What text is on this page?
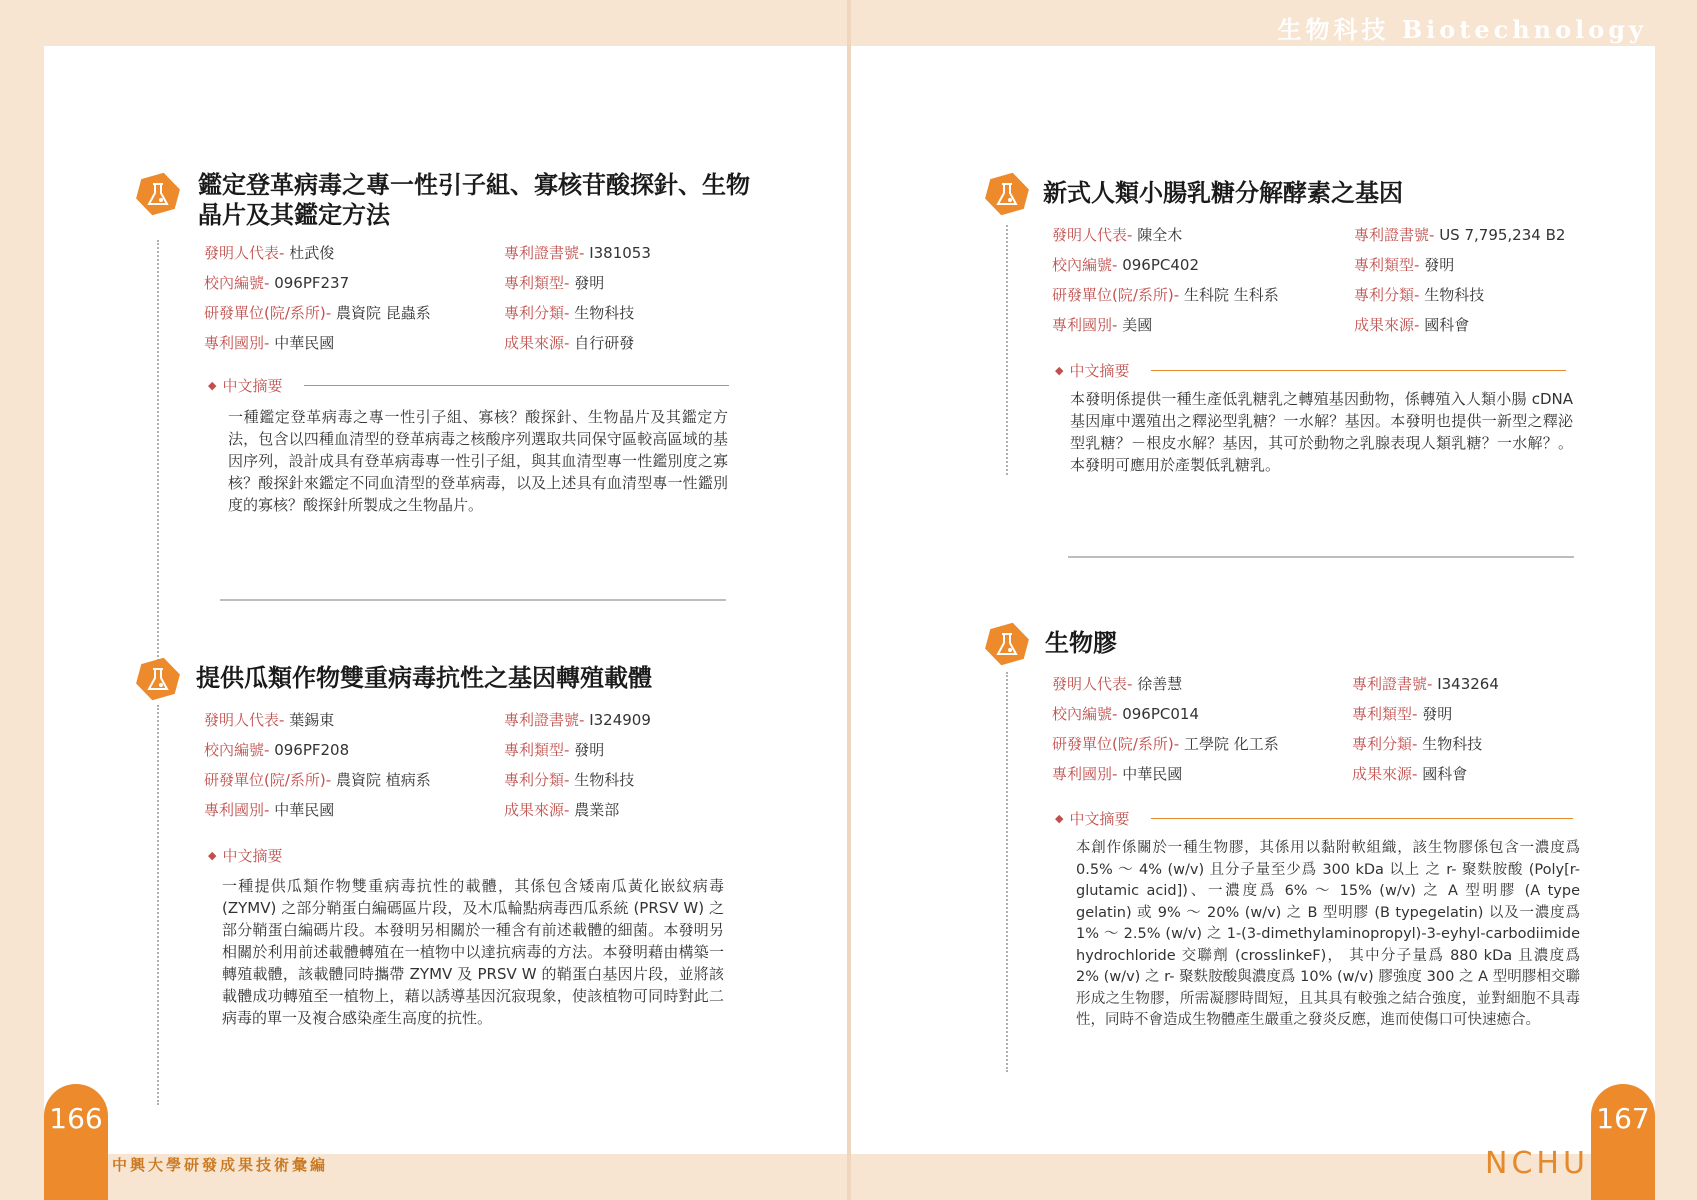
生物科技 Biotechnology
鑑定登革病毒之專一性引子組、寡核苷酸探針、生物晶片及其鑑定方法
發明人代表- 杜武俊	專利證書號- I381053
校內編號- 096PF237	專利類型- 發明
研發單位(院/系所)- 農資院 昆蟲系	專利分類- 生物科技
專利國別- 中華民國	成果來源- 自行研發
◆ 中文摘要

一種鑑定登革病毒之專一性引子組、寡核？酸探針、生物晶片及其鑑定方法，包含以四種血清型的登革病毒之核酸序列選取共同保守區較高區域的基因序列，設計成具有登革病毒專一性引子組，與其血清型專一性鑑別度之寡核？酸探針來鑑定不同血清型的登革病毒，以及上述具有血清型專一性鑑別度的寡核？酸探針所製成之生物晶片。

提供瓜類作物雙重病毒抗性之基因轉殖載體
發明人代表- 葉錫東	專利證書號- I324909
校內編號- 096PF208	專利類型- 發明
研發單位(院/系所)- 農資院 植病系	專利分類- 生物科技
專利國別- 中華民國	成果來源- 農業部
◆ 中文摘要

一種提供瓜類作物雙重病毒抗性的載體，其係包含矮南瓜黃化嵌紋病毒 (ZYMV) 之部分鞘蛋白編碼區片段，及木瓜輪點病毒西瓜系統 (PRSV W) 之部分鞘蛋白編碼片段。本發明另相關於一種含有前述載體的細菌。本發明另相關於利用前述載體轉殖在一植物中以達抗病毒的方法。本發明藉由構築一轉殖載體，該載體同時攜帶 ZYMV 及 PRSV W 的鞘蛋白基因片段，並將該載體成功轉殖至一植物上，藉以誘導基因沉寂現象，使該植物可同時對此二病毒的單一及複合感染產生高度的抗性。

新式人類小腸乳糖分解酵素之基因
發明人代表- 陳全木	專利證書號- US 7,795,234 B2
校內編號- 096PC402	專利類型- 發明
研發單位(院/系所)- 生科院 生科系	專利分類- 生物科技
專利國別- 美國	成果來源- 國科會
◆ 中文摘要

本發明係提供一種生產低乳糖乳之轉殖基因動物，係轉殖入人類小腸 cDNA 基因庫中選殖出之釋泌型乳糖？一水解？基因。本發明也提供一新型之釋泌型乳糖？－根皮水解？基因，其可於動物之乳腺表現人類乳糖？一水解？。本發明可應用於產製低乳糖乳。

生物膠
發明人代表- 徐善慧	專利證書號- I343264
校內編號- 096PC014	專利類型- 發明
研發單位(院/系所)- 工學院 化工系	專利分類- 生物科技
專利國別- 中華民國	成果來源- 國科會
◆ 中文摘要

本創作係關於一種生物膠，其係用以黏附軟組織，該生物膠係包含一濃度爲 0.5% ～ 4% (w/v) 且分子量至少爲 300 kDa 以上 之 r- 聚麩胺酸 (Poly[r-glutamic acid])、一濃度爲 6% ～ 15% (w/v) 之 A 型明膠 (A type gelatin) 或 9% ～ 20% (w/v) 之 B 型明膠 (B typegelatin) 以及一濃度爲 1% ～ 2.5% (w/v) 之 1-(3-dimethylaminopropyl)-3-eyhyl-carbodiimide hydrochloride 交聯劑 (crosslinkeF)， 其中分子量爲 880 kDa 且濃度爲 2% (w/v) 之 r- 聚麩胺酸與濃度爲 10% (w/v) 膠強度 300 之 A 型明膠相交聯形成之生物膠，所需凝膠時間短，且其具有較強之結合強度，並對細胞不具毒性，同時不會造成生物體產生嚴重之發炎反應，進而使傷口可快速癒合。

166	167
中興大學研發成果技術彙編	NCHU
